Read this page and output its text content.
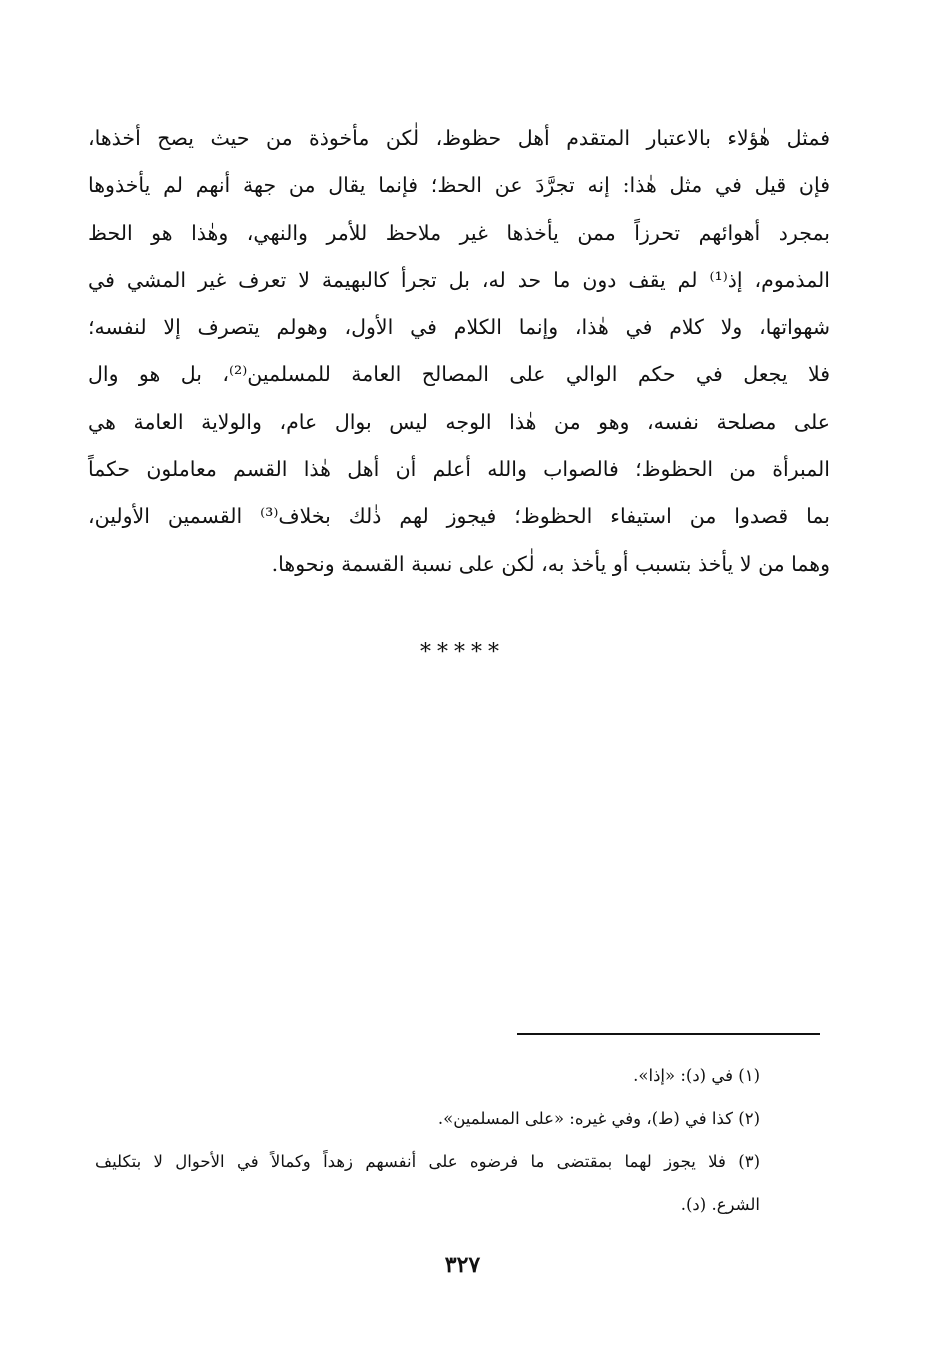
فمثل هٰؤلاء بالاعتبار المتقدم أهل حظوظ، لٰكن مأخوذة من حيث يصح أخذها،
فإن قيل في مثل هٰذا: إنه تجرَّدَ عن الحظ؛ فإنما يقال من جهة أنهم لم يأخذوها
بمجرد أهوائهم تحرزاً ممن يأخذها غير ملاحظ للأمر والنهي، وهٰذا هو الحظ
المذموم، إذ⁽¹⁾ لم يقف دون ما حد له، بل تجرأ كالبهيمة لا تعرف غير المشي في
شهواتها، ولا كلام في هٰذا، وإنما الكلام في الأول، وهولم يتصرف إلا لنفسه؛
فلا يجعل في حكم الوالي على المصالح العامة للمسلمين⁽²⁾، بل هو وال
على مصلحة نفسه، وهو من هٰذا الوجه ليس بوال عام، والولاية العامة هي
المبرأة من الحظوظ؛ فالصواب والله أعلم أن أهل هٰذا القسم معاملون حكماً
بما قصدوا من استيفاء الحظوظ؛ فيجوز لهم ذٰلك بخلاف⁽³⁾ القسمين الأولين،
وهما من لا يأخذ بتسبب أو يأخذ به، لٰكن على نسبة القسمة ونحوها.
*****
(١) في (د): «إذا».
(٢) كذا في (ط)، وفي غيره: «على المسلمين».
(٣) فلا يجوز لهما بمقتضى ما فرضوه على أنفسهم زهداً وكمالاً في الأحوال لا بتكليف
الشرع. (د).
٣٢٧
